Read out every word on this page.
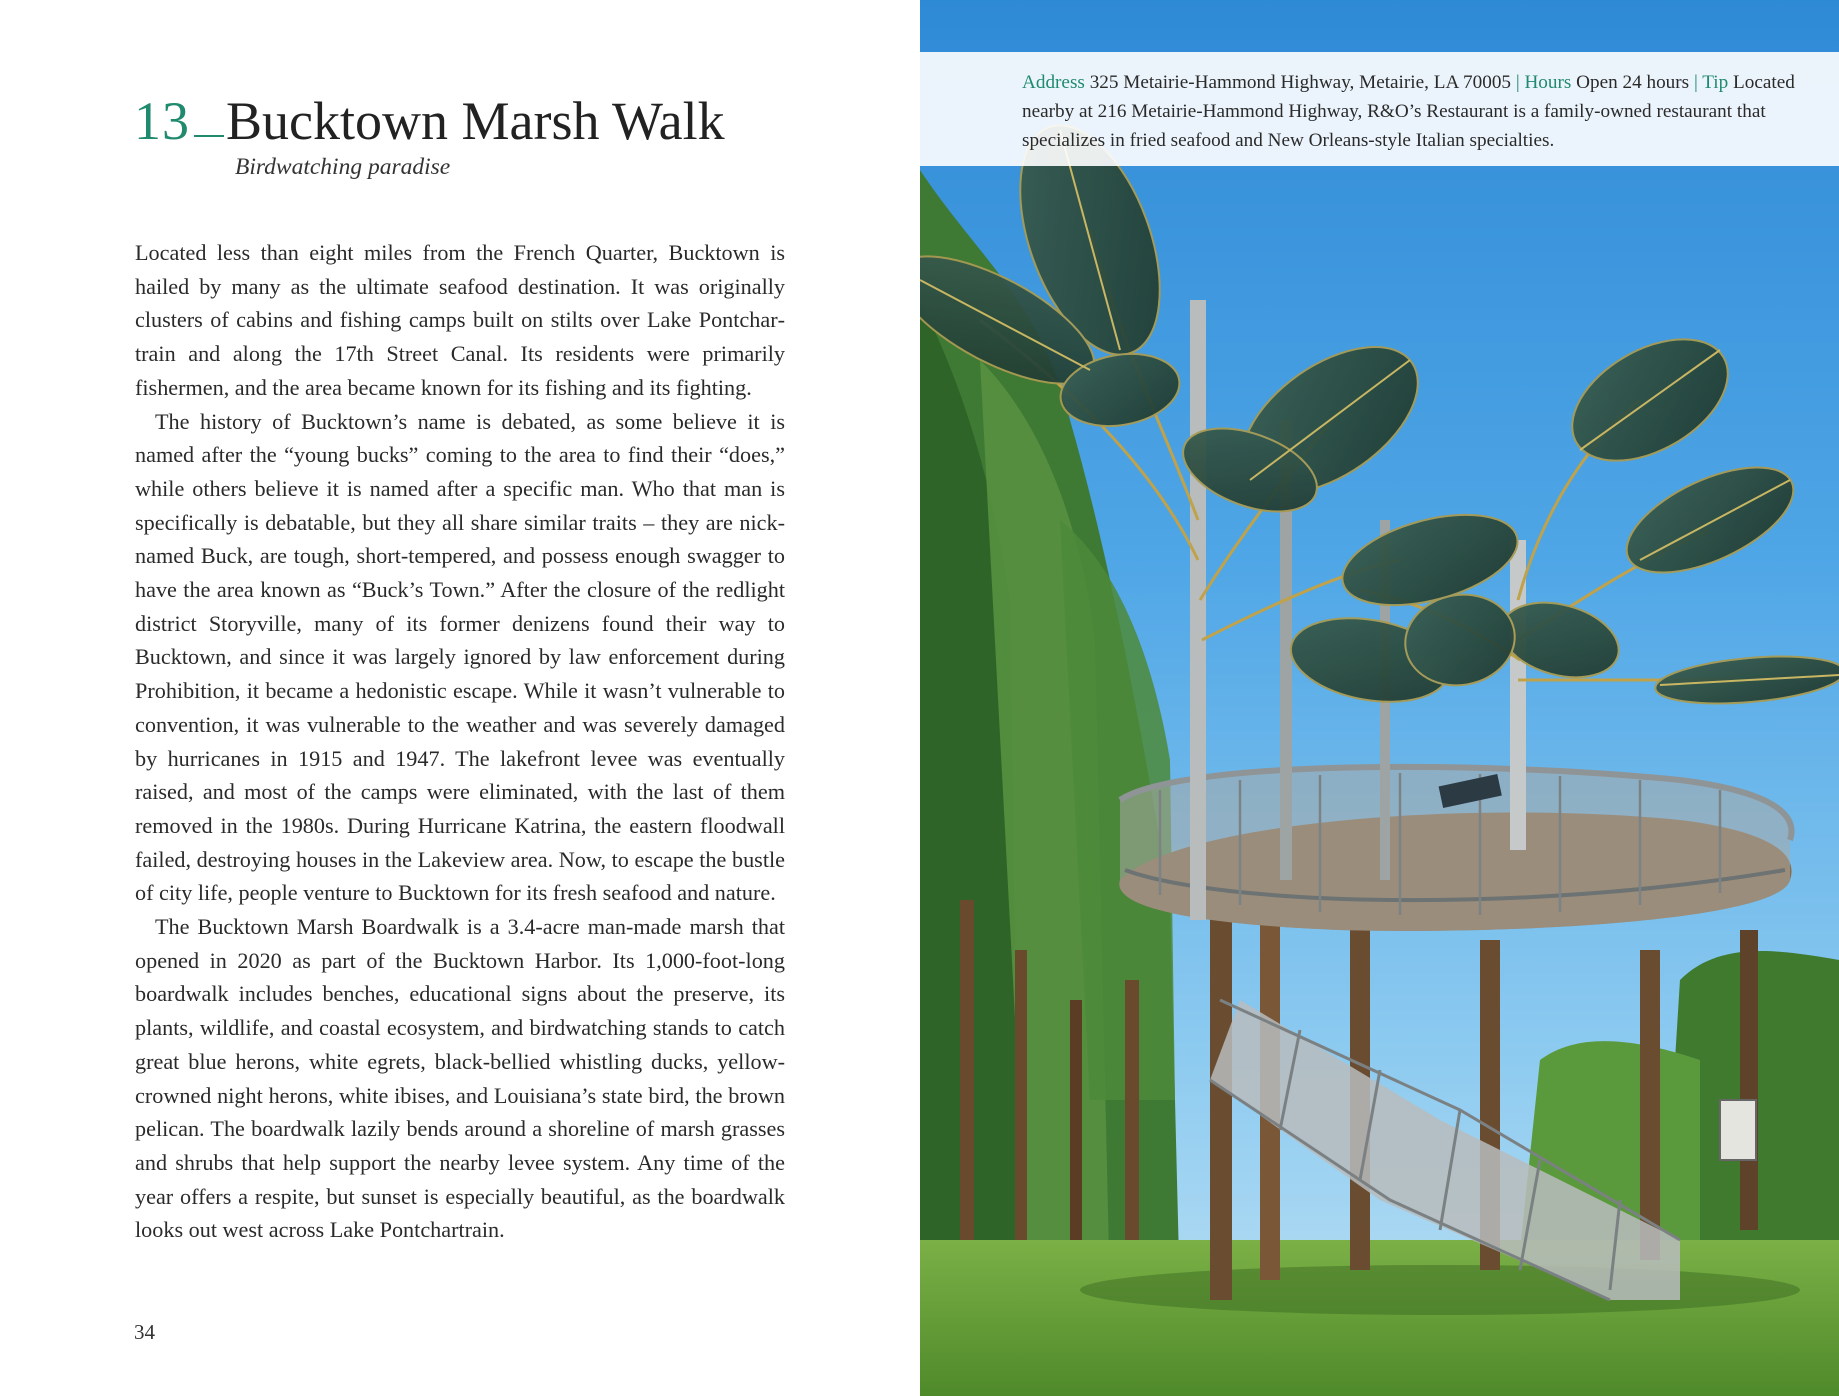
13 Bucktown Marsh Walk
Birdwatching paradise

Located less than eight miles from the French Quarter, Bucktown is hailed by many as the ultimate seafood destination. It was originally clusters of cabins and fishing camps built on stilts over Lake Pontchartrain and along the 17th Street Canal. Its residents were primarily fishermen, and the area became known for its fishing and its fighting.

The history of Bucktown’s name is debated, as some believe it is named after the “young bucks” coming to the area to find their “does,” while others believe it is named after a specific man. Who that man is specifically is debatable, but they all share similar traits – they are nicknamed Buck, are tough, short-tempered, and possess enough swagger to have the area known as “Buck’s Town.” After the closure of the redlight district Storyville, many of its former denizens found their way to Bucktown, and since it was largely ignored by law enforcement during Prohibition, it became a hedonistic escape. While it wasn’t vulnerable to convention, it was vulnerable to the weather and was severely damaged by hurricanes in 1915 and 1947. The lakefront levee was eventually raised, and most of the camps were eliminated, with the last of them removed in the 1980s. During Hurricane Katrina, the eastern floodwall failed, destroying houses in the Lakeview area. Now, to escape the bustle of city life, people venture to Bucktown for its fresh seafood and nature.

The Bucktown Marsh Boardwalk is a 3.4-acre man-made marsh that opened in 2020 as part of the Bucktown Harbor. Its 1,000-foot-long boardwalk includes benches, educational signs about the preserve, its plants, wildlife, and coastal ecosystem, and birdwatching stands to catch great blue herons, white egrets, black-bellied whistling ducks, yellow-crowned night herons, white ibises, and Louisiana’s state bird, the brown pelican. The boardwalk lazily bends around a shoreline of marsh grasses and shrubs that help support the nearby levee system. Any time of the year offers a respite, but sunset is especially beautiful, as the boardwalk looks out west across Lake Pontchartrain.

34
Address 325 Metairie-Hammond Highway, Metairie, LA 70005 | Hours Open 24 hours | Tip Located nearby at 216 Metairie-Hammond Highway, R&O’s Restaurant is a family-owned restaurant that specializes in fried seafood and New Orleans-style Italian specialties.
